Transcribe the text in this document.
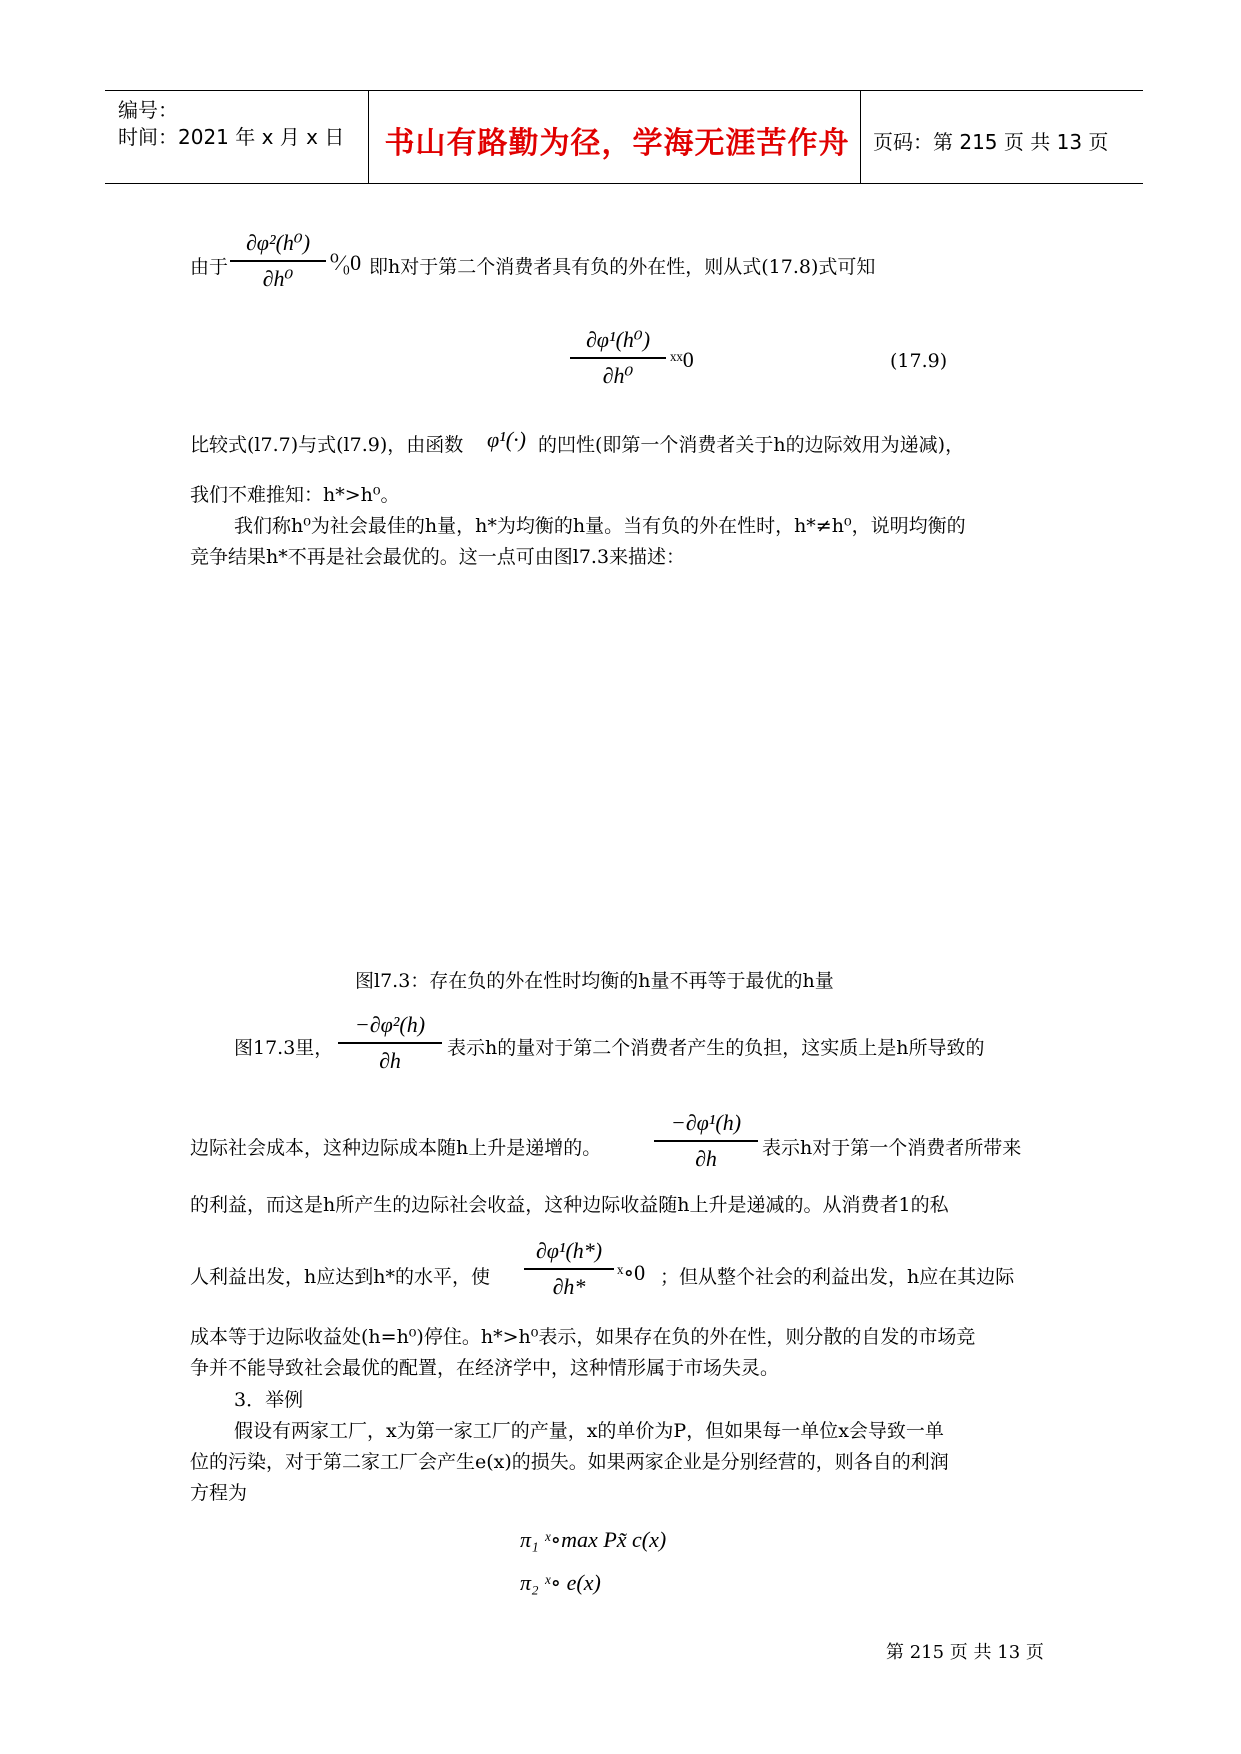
编号：
时间：2021 年 x 月 x 日	书山有路勤为径，学海无涯苦作舟	页码：第 215 页 共 13 页
由于
∂φ²(h⁰)
∂h⁰
⁰⁄₀0 即h对于第二个消费者具有负的外在性，则从式(17.8)式可知
∂φ¹(h⁰)
∂h⁰
ˣˣ0	(17.9)
比较式(l7.7)与式(l7.9)，由函数 φ¹(·) 的凹性(即第一个消费者关于h的边际效用为递减)，
我们不难推知：h*>h⁰。
我们称h⁰为社会最佳的h量，h*为均衡的h量。当有负的外在性时，h*≠h⁰，说明均衡的
竞争结果h*不再是社会最优的。这一点可由图l7.3来描述：
图l7.3：存在负的外在性时均衡的h量不再等于最优的h量
图17.3里，
−∂φ²(h)
∂h	表示h的量对于第二个消费者产生的负担，这实质上是h所导致的
边际社会成本，这种边际成本随h上升是递增的。
−∂φ¹(h)
∂h	表示h对于第一个消费者所带来
的利益，而这是h所产生的边际社会收益，这种边际收益随h上升是递减的。从消费者1的私
人利益出发，h应达到h*的水平，使
∂φ¹(h*)
∂h*
ˣ∘0 ；但从整个社会的利益出发，h应在其边际
成本等于边际收益处(h=h⁰)停住。h*>h⁰表示，如果存在负的外在性，则分散的自发的市场竞
争并不能导致社会最优的配置，在经济学中，这种情形属于市场失灵。
3．举例
假设有两家工厂，x为第一家工厂的产量，x的单价为P，但如果每一单位x会导致一单
位的污染，对于第二家工厂会产生e(x)的损失。如果两家企业是分别经营的，则各自的利润
方程为
π₁ ˣ∘max Px̃ c(x)
π₂ ˣ∘ e(x)
第 215 页 共 13 页
